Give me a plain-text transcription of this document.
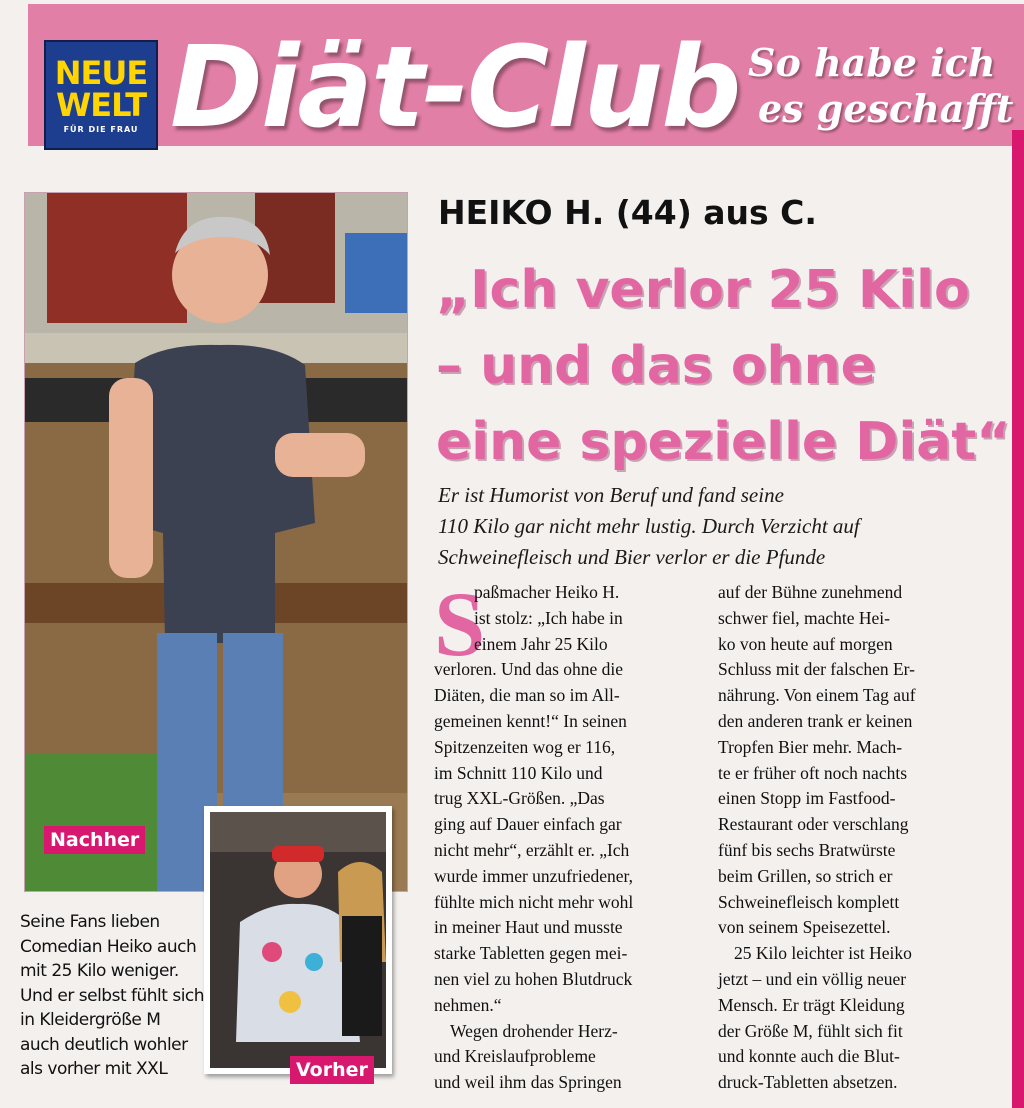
NEUE
WELT
FÜR DIE FRAU Diät-Club So habe ich
es geschafft
Nachher
Vorher
Seine Fans lieben
Comedian Heiko auch
mit 25 Kilo weniger.
Und er selbst fühlt sich
in Kleidergröße M
auch deutlich wohler
als vorher mit XXL
HEIKO H. (44) aus C.
„Ich verlor 25 Kilo
– und das ohne
eine spezielle Diät“
Er ist Humorist von Beruf und fand seine
110 Kilo gar nicht mehr lustig. Durch Verzicht auf
Schweinefleisch und Bier verlor er die Pfunde
S
paßmacher Heiko H.
ist stolz: „Ich habe in
einem Jahr 25 Kilo
verloren. Und das ohne die
Diäten, die man so im All-
gemeinen kennt!“ In seinen
Spitzenzeiten wog er 116,
im Schnitt 110 Kilo und
trug XXL-Größen. „Das
ging auf Dauer einfach gar
nicht mehr“, erzählt er. „Ich
wurde immer unzufriedener,
fühlte mich nicht mehr wohl
in meiner Haut und musste
starke Tabletten gegen mei-
nen viel zu hohen Blutdruck
nehmen.“
Wegen drohender Herz-
und Kreislaufprobleme
und weil ihm das Springen
auf der Bühne zunehmend
schwer fiel, machte Hei-
ko von heute auf morgen
Schluss mit der falschen Er-
nährung. Von einem Tag auf
den anderen trank er keinen
Tropfen Bier mehr. Mach-
te er früher oft noch nachts
einen Stopp im Fastfood-
Restaurant oder verschlang
fünf bis sechs Bratwürste
beim Grillen, so strich er
Schweinefleisch komplett
von seinem Speisezettel.
25 Kilo leichter ist Heiko
jetzt – und ein völlig neuer
Mensch. Er trägt Kleidung
der Größe M, fühlt sich fit
und konnte auch die Blut-
druck-Tabletten absetzen.
